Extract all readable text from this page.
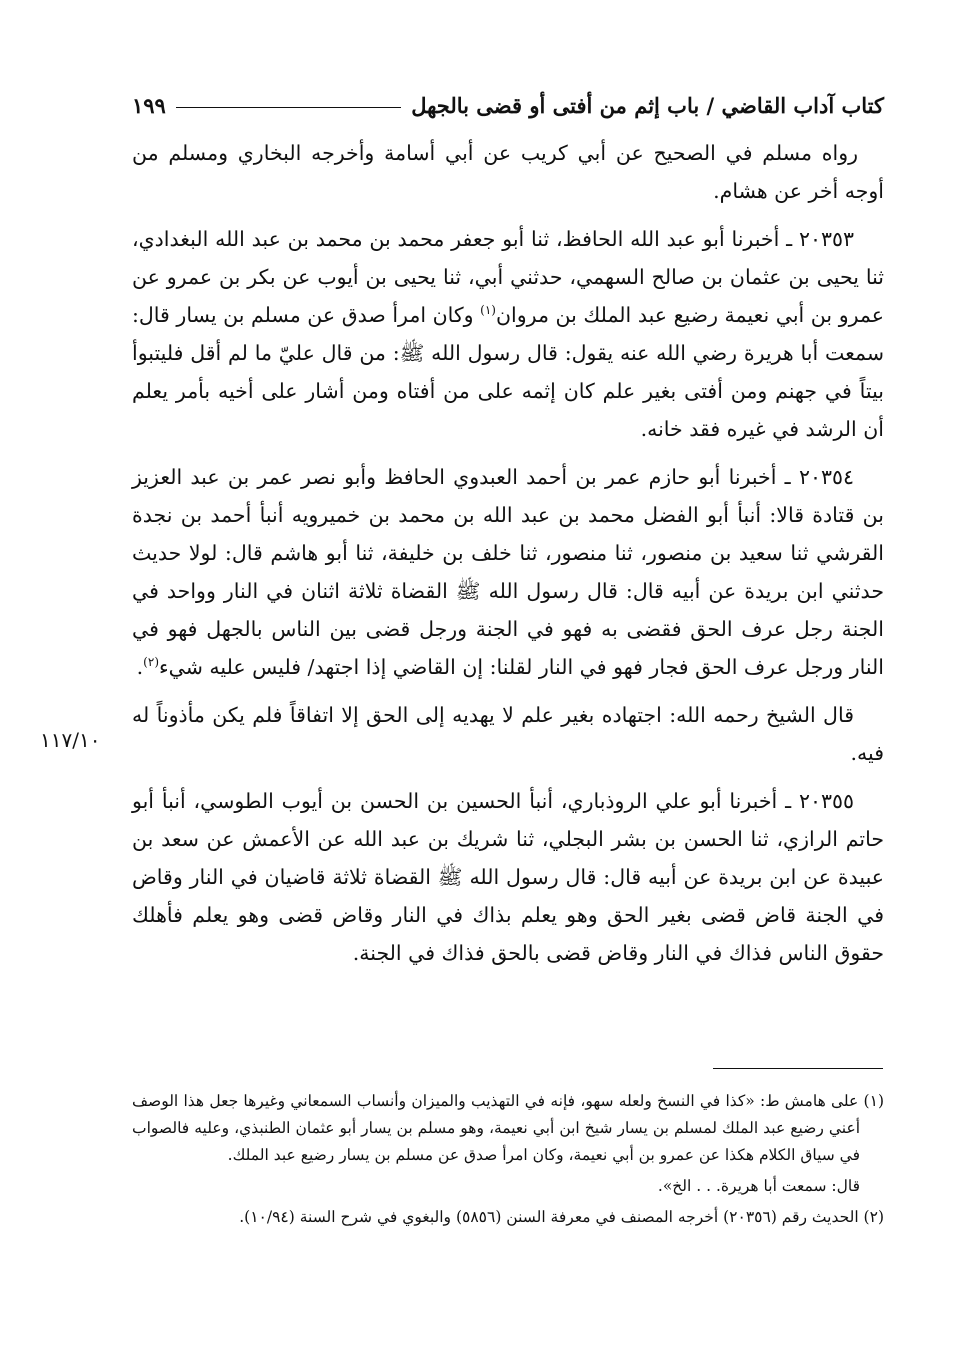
كتاب آداب القاضي / باب إثم من أفتى أو قضى بالجهل
١٩٩

رواه مسلم في الصحيح عن أبي كريب عن أبي أسامة وأخرجه البخاري ومسلم من أوجه أخر عن هشام.

٢٠٣٥٣ ـ أخبرنا أبو عبد الله الحافظ، ثنا أبو جعفر محمد بن محمد بن عبد الله البغدادي، ثنا يحيى بن عثمان بن صالح السهمي، حدثني أبي، ثنا يحيى بن أيوب عن بكر بن عمرو عن عمرو بن أبي نعيمة رضيع عبد الملك بن مروان$^{(١)}$ وكان امرأ صدق عن مسلم بن يسار قال: سمعت أبا هريرة رضي الله عنه يقول: قال رسول الله ﷺ: من قال عليّ ما لم أقل فليتبوأ بيتاً في جهنم ومن أفتى بغير علم كان إثمه على من أفتاه ومن أشار على أخيه بأمر يعلم أن الرشد في غيره فقد خانه.

٢٠٣٥٤ ـ أخبرنا أبو حازم عمر بن أحمد العبدوي الحافظ وأبو نصر عمر بن عبد العزيز بن قتادة قالا: أنبأ أبو الفضل محمد بن عبد الله بن محمد بن خميرويه أنبأ أحمد بن نجدة القرشي ثنا سعيد بن منصور، ثنا منصور، ثنا خلف بن خليفة، ثنا أبو هاشم قال: لولا حديث حدثني ابن بريدة عن أبيه قال: قال رسول الله ﷺ القضاة ثلاثة اثنان في النار وواحد في الجنة رجل عرف الحق فقضى به فهو في الجنة ورجل قضى بين الناس بالجهل فهو في النار ورجل عرف الحق فجار فهو في النار لقلنا: إن القاضي إذا اجتهد/ فليس عليه شيء$^{(٢)}$.

قال الشيخ رحمه الله: اجتهاده بغير علم لا يهديه إلى الحق إلا اتفاقاً فلم يكن مأذوناً له فيه.

٢٠٣٥٥ ـ أخبرنا أبو علي الروذباري، أنبأ الحسين بن الحسن بن أيوب الطوسي، أنبأ أبو حاتم الرازي، ثنا الحسن بن بشر البجلي، ثنا شريك بن عبد الله عن الأعمش عن سعد بن عبيدة عن ابن بريدة عن أبيه قال: قال رسول الله ﷺ القضاة ثلاثة قاضيان في النار وقاض في الجنة قاض قضى بغير الحق وهو يعلم بذاك في النار وقاض قضى وهو يعلم فأهلك حقوق الناس فذاك في النار وقاض قضى بالحق فذاك في الجنة.

١١٧/١٠

(١) على هامش ط: «كذا في النسخ ولعله سهو، فإنه في التهذيب والميزان وأنساب السمعاني وغيرها جعل هذا الوصف أعني رضيع عبد الملك لمسلم بن يسار شيخ ابن أبي نعيمة، وهو مسلم بن يسار أبو عثمان الطنبذي، وعليه فالصواب في سياق الكلام هكذا عن عمرو بن أبي نعيمة، وكان امرأ صدق عن مسلم بن يسار رضيع عبد الملك.

قال: سمعت أبا هريرة. . . الخ».

(٢) الحديث رقم (٢٠٣٥٦) أخرجه المصنف في معرفة السنن (٥٨٥٦) والبغوي في شرح السنة (١٠/٩٤).
